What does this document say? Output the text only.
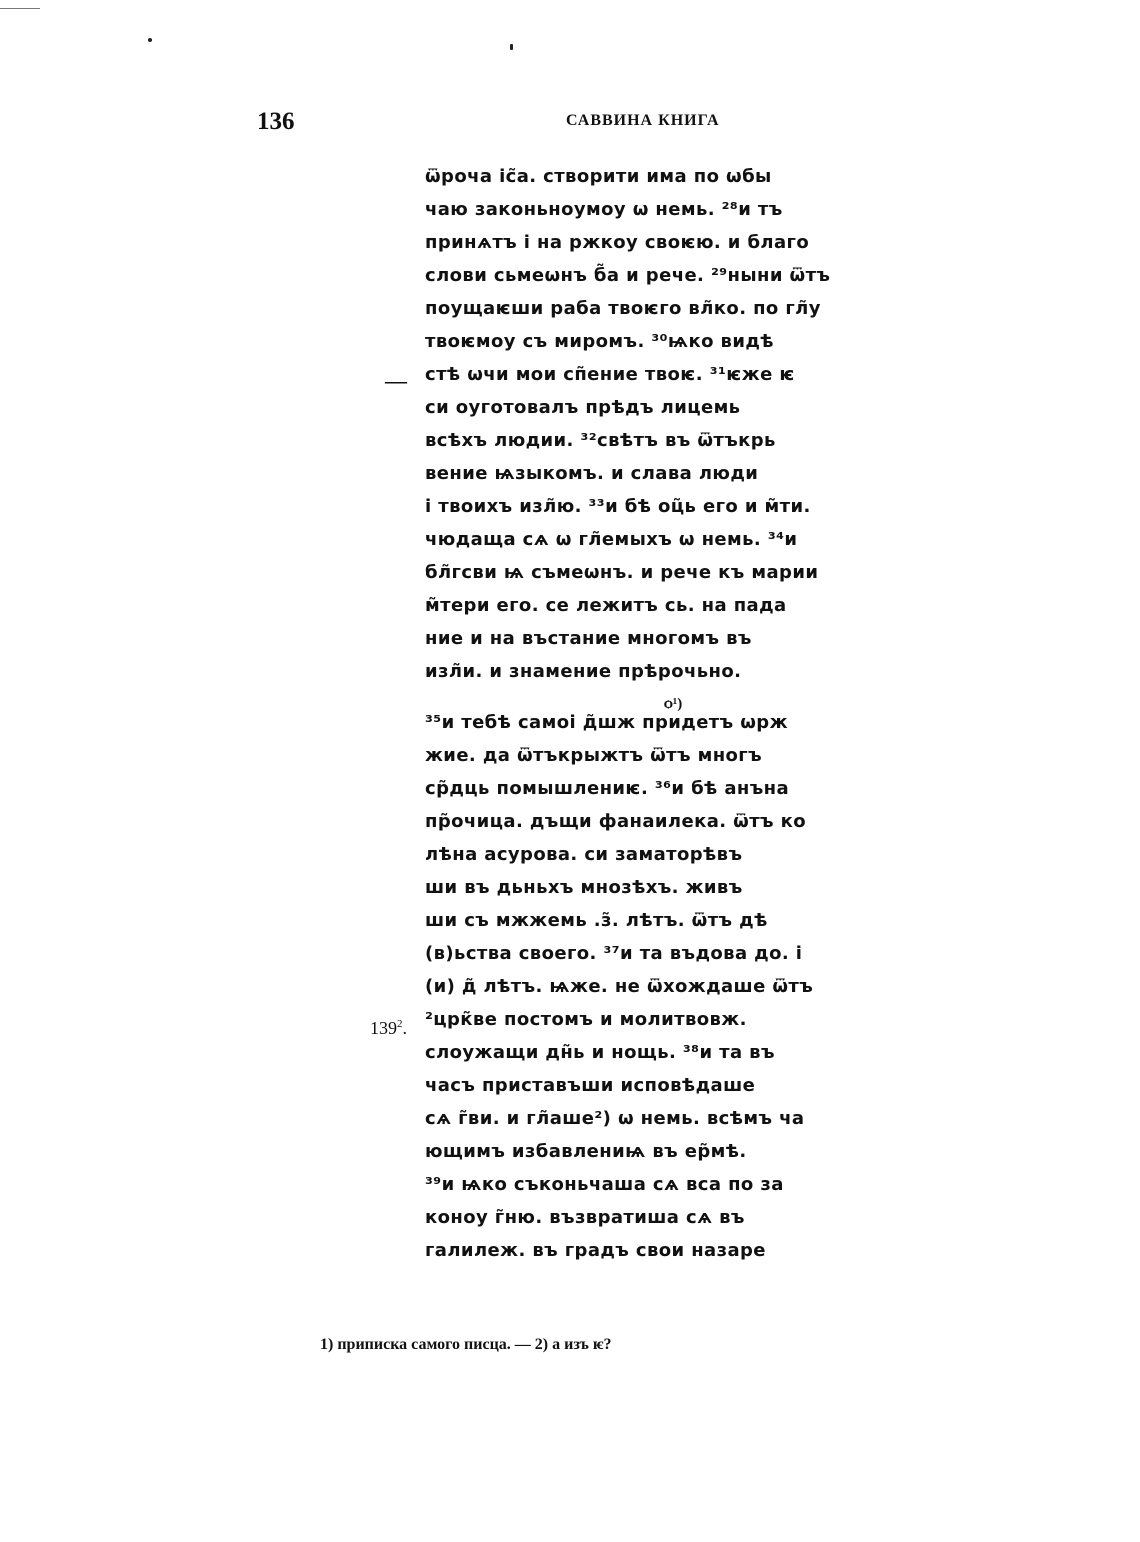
136	САВВИНА КНИГА
—
$139^2$.
ѻ¹)
ѿроча іс̃а. створити има по ѡбы
чаю законьноумоу ѡ немь. ²⁸и тъ
принѧтъ і на ржкоу своѥю. и благо
слови сьмеѡнъ б̃а и рече. ²⁹ныни ѿтъ
поущаѥши раба твоѥго вл̃ко. по гл̃у
твоѥмоу съ миромъ. ³⁰ѩко видѣ
стѣ ѡчи мои сп̃ение твоѥ. ³¹ѥже ѥ
си оуготовалъ прѣдъ лицемь
всѣхъ людии. ³²свѣтъ въ ѿтъкрь
вение ѩзыкомъ. и слава люди
і твоихъ изл̃ю. ³³и бѣ оц̃ь его и м̃ти.
чюдаща сѧ ѡ гл̃емыхъ ѡ немь. ³⁴и
бл̃гсви ѩ съмеѡнъ. и рече къ марии
м̃тери его. се лежитъ сь. на пада
ние и на въстание многомъ въ
изл̃и. и знамение прѣрочьно.
³⁵и тебѣ самоі д̃шж придетъ ѡрж
жие. да ѿтъкрыжтъ ѿтъ многъ
ср̃дць помышлениѥ. ³⁶и бѣ анъна
пр̃очица. дъщи фанаилека. ѿтъ ко
лѣна асурова. си заматорѣвъ
ши въ дьньхъ мнозѣхъ. живъ
ши съ мжжемь .з̃. лѣтъ. ѿтъ дѣ
(в)ьства своего. ³⁷и та въдова до. і
(и) д̃ лѣтъ. ѩже. не ѿхождаше ѿтъ
²црк̃ве постомъ и молитвовж.
слоужащи дн̃ь и нощь. ³⁸и та въ
часъ приставъши исповѣдаше
сѧ г̃ви. и гл̃аше²) ѡ немь. всѣмъ ча
ющимъ избавлениѩ въ ер̃мѣ.
³⁹и ѩко съконьчаша сѧ вса по за
коноу г̃ню. възвратиша сѧ въ
галилеж. въ градъ свои назаре
1) приписка самого писца. — 2) а изъ ѥ?
